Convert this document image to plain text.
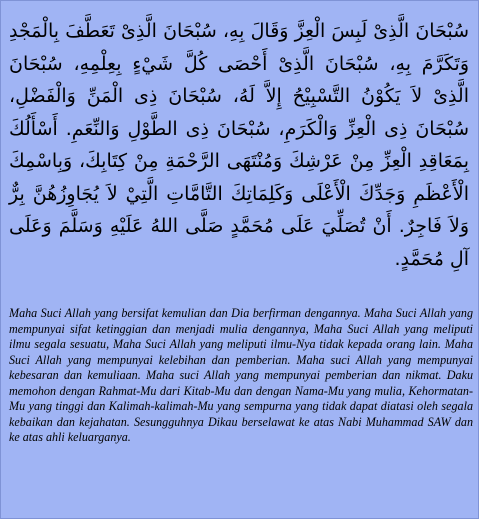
سُبْحَانَ الَّذِىْ لَبِسَ الْعِزَّ وَقَالَ بِهِ، سُبْحَانَ الَّذِىْ تَعَطَّفَ بِالْمَجْدِ وَتَكَرَّمَ بِهِ، سُبْحَانَ الَّذِىْ أَحْصَى كُلَّ شَيْءٍ بِعِلْمِهِ، سُبْحَانَ الَّذِىْ لاَ يَكُوْنُ التَّسْبِيْحُ إِلاَّ لَهُ، سُبْحَانَ ذِى الْمَنِّ وَالْفَضْلِ، سُبْحَانَ ذِى الْعِزِّ وَالْكَرَمِ، سُبْحَانَ ذِى الطَّوْلِ وَالنِّعَمِ. أَسْأَلُكَ بِمَعَاقِدِ الْعِزِّ مِنْ عَرْشِكَ وَمُنْتَهَى الرَّحْمَةِ مِنْ كِتَابِكَ، وَبِاسْمِكَ الْأَعْظَمِ وَجَدِّكَ الْأَعْلَى وَكَلِمَاتِكَ التَّامَّاتِ الَّتِيْ لاَ يُجَاوِزُهُنَّ بِرٌّ وَلاَ فَاجِرٌ. أَنْ تُصَلِّيَ عَلَى مُحَمَّدٍ صَلَّى اللهُ عَلَيْهِ وَسَلَّمَ وَعَلَى آلِ مُحَمَّدٍ.

Maha Suci Allah yang bersifat kemulian dan Dia berfirman dengannya. Maha Suci Allah yang mempunyai sifat ketinggian dan menjadi mulia dengannya, Maha Suci Allah yang meliputi ilmu segala sesuatu, Maha Suci Allah yang meliputi ilmu-Nya tidak kepada orang lain. Maha Suci Allah yang mempunyai kelebihan dan pemberian. Maha suci Allah yang mempunyai kebesaran dan kemuliaan. Maha suci Allah yang mempunyai pemberian dan nikmat. Daku memohon dengan Rahmat-Mu dari Kitab-Mu dan dengan Nama-Mu yang mulia, Kehormatan-Mu yang tinggi dan Kalimah-kalimah-Mu yang sempurna yang tidak dapat diatasi oleh segala kebaikan dan kejahatan. Sesungguhnya Dikau berselawat ke atas Nabi Muhammad SAW dan ke atas ahli keluarganya.
